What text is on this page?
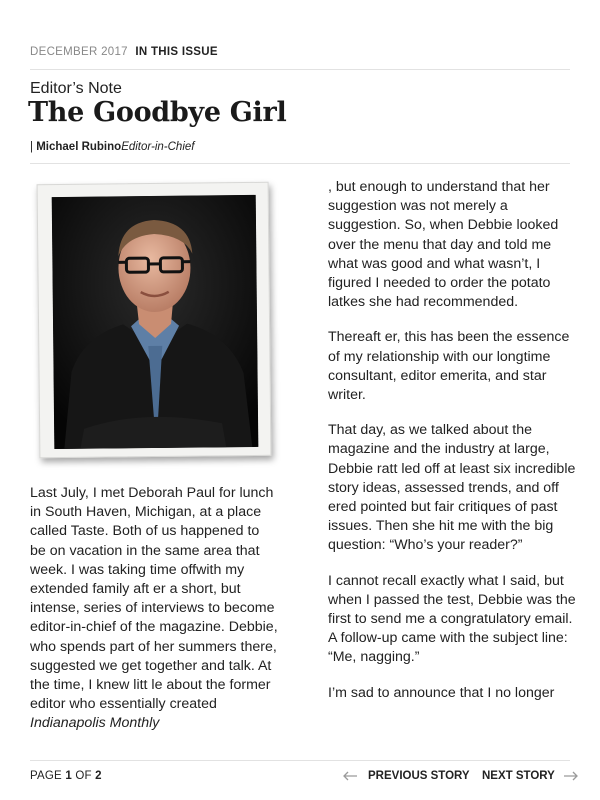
DECEMBER 2017 IN THIS ISSUE
Editor’s Note
The Goodbye Girl
| Michael RubinoEditor-in-Chief

Last July, I met Deborah Paul for lunch in South Haven, Michigan, at a place called Taste. Both of us happened to be on vacation in the same area that week. I was taking time offwith my extended family aft er a short, but intense, series of interviews to become editor-in-chief of the magazine. Debbie, who spends part of her summers there, suggested we get together and talk. At the time, I knew litt le about the former editor who essentially created Indianapolis Monthly

, but enough to understand that her suggestion was not merely a suggestion. So, when Debbie looked over the menu that day and told me what was good and what wasn’t, I figured I needed to order the potato latkes she had recommended.

Thereaft er, this has been the essence of my relationship with our longtime consultant, editor emerita, and star writer.

That day, as we talked about the magazine and the industry at large, Debbie ratt led off at least six incredible story ideas, assessed trends, and off ered pointed but fair critiques of past issues. Then she hit me with the big question: “Who’s your reader?”

I cannot recall exactly what I said, but when I passed the test, Debbie was the first to send me a congratulatory email. A follow-up came with the subject line: “Me, nagging.”

I’m sad to announce that I no longer

PAGE 1 OF 2	PREVIOUS STORY NEXT STORY
